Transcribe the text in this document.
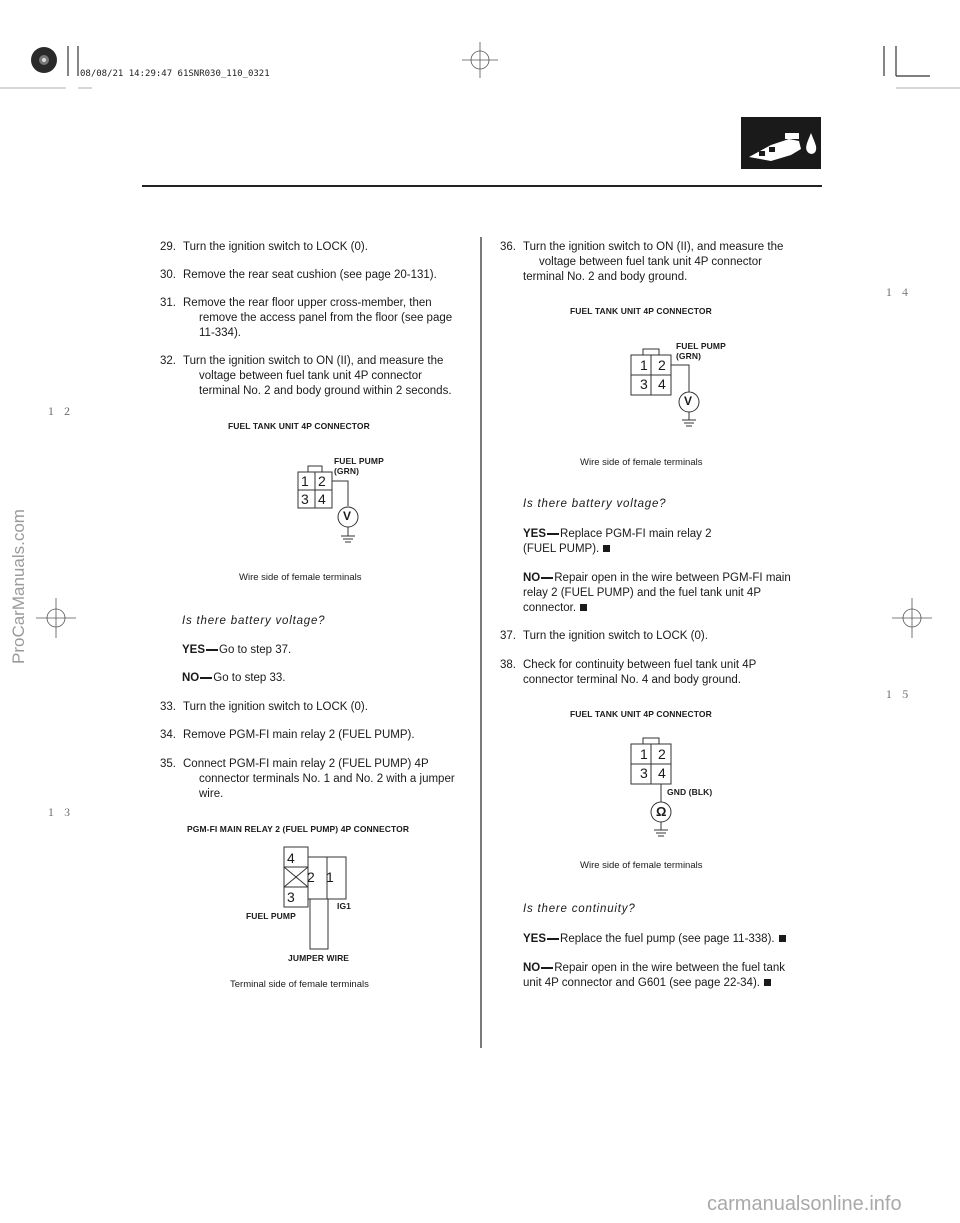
08/08/21 14:29:47 61SNR030_110_0321
１２
１３
１４
１５
ProCarManuals.com
carmanualsonline.info
29. Turn the ignition switch to LOCK (0).
30. Remove the rear seat cushion (see page 20-131).
31. Remove the rear floor upper cross-member, then
remove the access panel from the floor (see page
11-334).
32. Turn the ignition switch to ON (II), and measure the
voltage between fuel tank unit 4P connector
terminal No. 2 and body ground within 2 seconds.
FUEL TANK UNIT 4P CONNECTOR
FUEL PUMP
(GRN)
1 2
3 4
V
Wire side of female terminals
Is there battery voltage?
YES Go to step 37.
NO Go to step 33.
33. Turn the ignition switch to LOCK (0).
34. Remove PGM-FI main relay 2 (FUEL PUMP).
35. Connect PGM-FI main relay 2 (FUEL PUMP) 4P
connector terminals No. 1 and No. 2 with a jumper
wire.
PGM-FI MAIN RELAY 2 (FUEL PUMP) 4P CONNECTOR
4
2 1
3
FUEL PUMP
IG1
JUMPER WIRE
Terminal side of female terminals
36. Turn the ignition switch to ON (II), and measure the
voltage between fuel tank unit 4P connector
terminal No. 2 and body ground.
FUEL TANK UNIT 4P CONNECTOR
FUEL PUMP
(GRN)
1 2
3 4
V
Wire side of female terminals
Is there battery voltage?
YES Replace PGM-FI main relay 2
(FUEL PUMP).
NO Repair open in the wire between PGM-FI main
relay 2 (FUEL PUMP) and the fuel tank unit 4P
connector.
37. Turn the ignition switch to LOCK (0).
38. Check for continuity between fuel tank unit 4P
connector terminal No. 4 and body ground.
FUEL TANK UNIT 4P CONNECTOR
1 2
3 4
GND (BLK)
Ω
Wire side of female terminals
Is there continuity?
YES Replace the fuel pump (see page 11-338).
NO Repair open in the wire between the fuel tank
unit 4P connector and G601 (see page 22-34).
